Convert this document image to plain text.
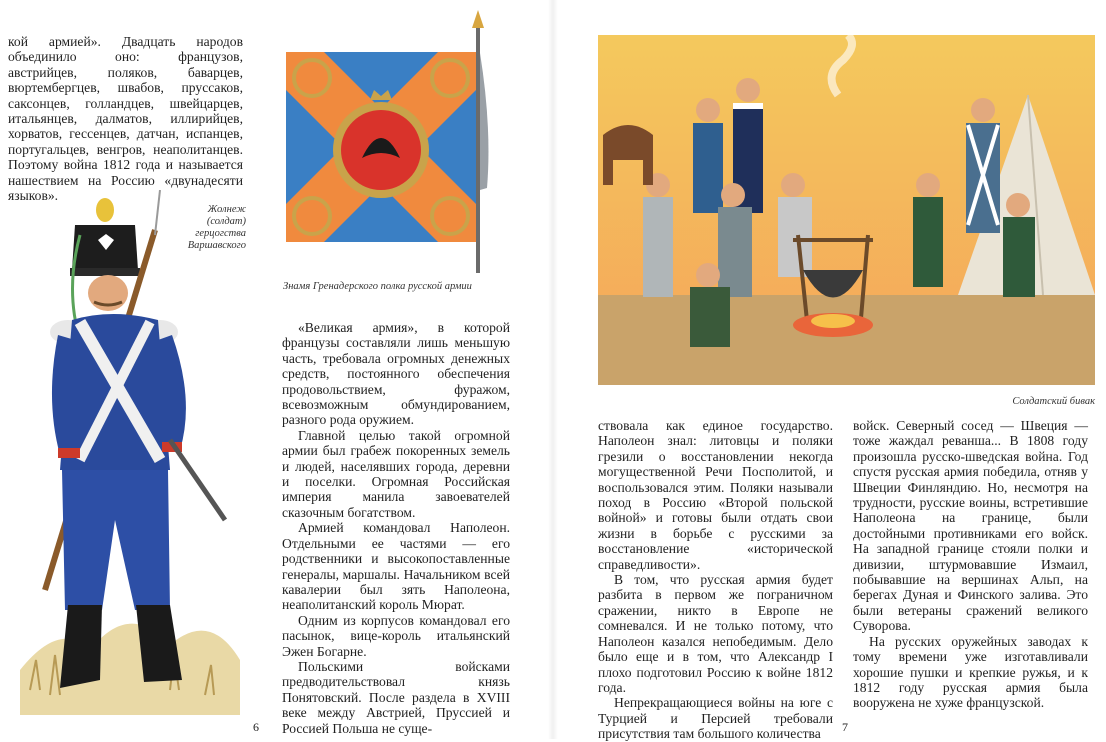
кой армией». Двадцать народов объединило оно: французов, австрийцев, поляков, баварцев, вюртембергцев, швабов, пруссаков, саксонцев, голландцев, швейцарцев, итальянцев, далматов, иллирийцев, хорватов, гессенцев, датчан, испанцев, португальцев, венгров, неаполитанцев. Поэтому война 1812 года и называется нашествием на Россию «двунадесяти языков».

Жолнеж (солдат) герцогства Варшавского
Знамя Гренадерского полка русской армии

«Великая армия», в которой французы составляли лишь меньшую часть, требовала огромных денежных средств, постоянного обеспечения продовольствием, фуражом, всевозможным обмундированием, разного рода оружием.

Главной целью такой огромной армии был грабеж покоренных земель и людей, населявших города, деревни и поселки. Огромная Российская империя манила завоевателей сказочным богатством.

Армией командовал Наполеон. Отдельными ее частями — его родственники и высокопоставленные генералы, маршалы. Начальником всей кавалерии был зять Наполеона, неаполитанский король Мюрат.

Одним из корпусов командовал его пасынок, вице-король итальянский Эжен Богарне.

Польскими войсками предводительствовал князь Понятовский. После раздела в XVIII веке между Австрией, Пруссией и Россией Польша не суще-

6
Солдатский бивак

ствовала как единое государство. Наполеон знал: литовцы и поляки грезили о восстановлении некогда могущественной Речи Посполитой, и воспользовался этим. Поляки называли поход в Россию «Второй польской войной» и готовы были отдать свои жизни в борьбе с русскими за восстановление «исторической справедливости».

В том, что русская армия будет разбита в первом же пограничном сражении, никто в Европе не сомневался. И не только потому, что Наполеон казался непобедимым. Дело было еще и в том, что Александр I плохо подготовил Россию к войне 1812 года.

Непрекращающиеся войны на юге с Турцией и Персией требовали присутствия там большого количества

войск. Северный сосед — Швеция — тоже жаждал реванша... В 1808 году произошла русско-шведская война. Год спустя русская армия победила, отняв у Швеции Финляндию. Но, несмотря на трудности, русские воины, встретившие Наполеона на границе, были достойными противниками его войск. На западной границе стояли полки и дивизии, штурмовавшие Измаил, побывавшие на вершинах Альп, на берегах Дуная и Финского залива. Это были ветераны сражений великого Суворова.

На русских оружейных заводах к тому времени уже изготавливали хорошие пушки и крепкие ружья, и к 1812 году русская армия была вооружена не хуже французской.

7
